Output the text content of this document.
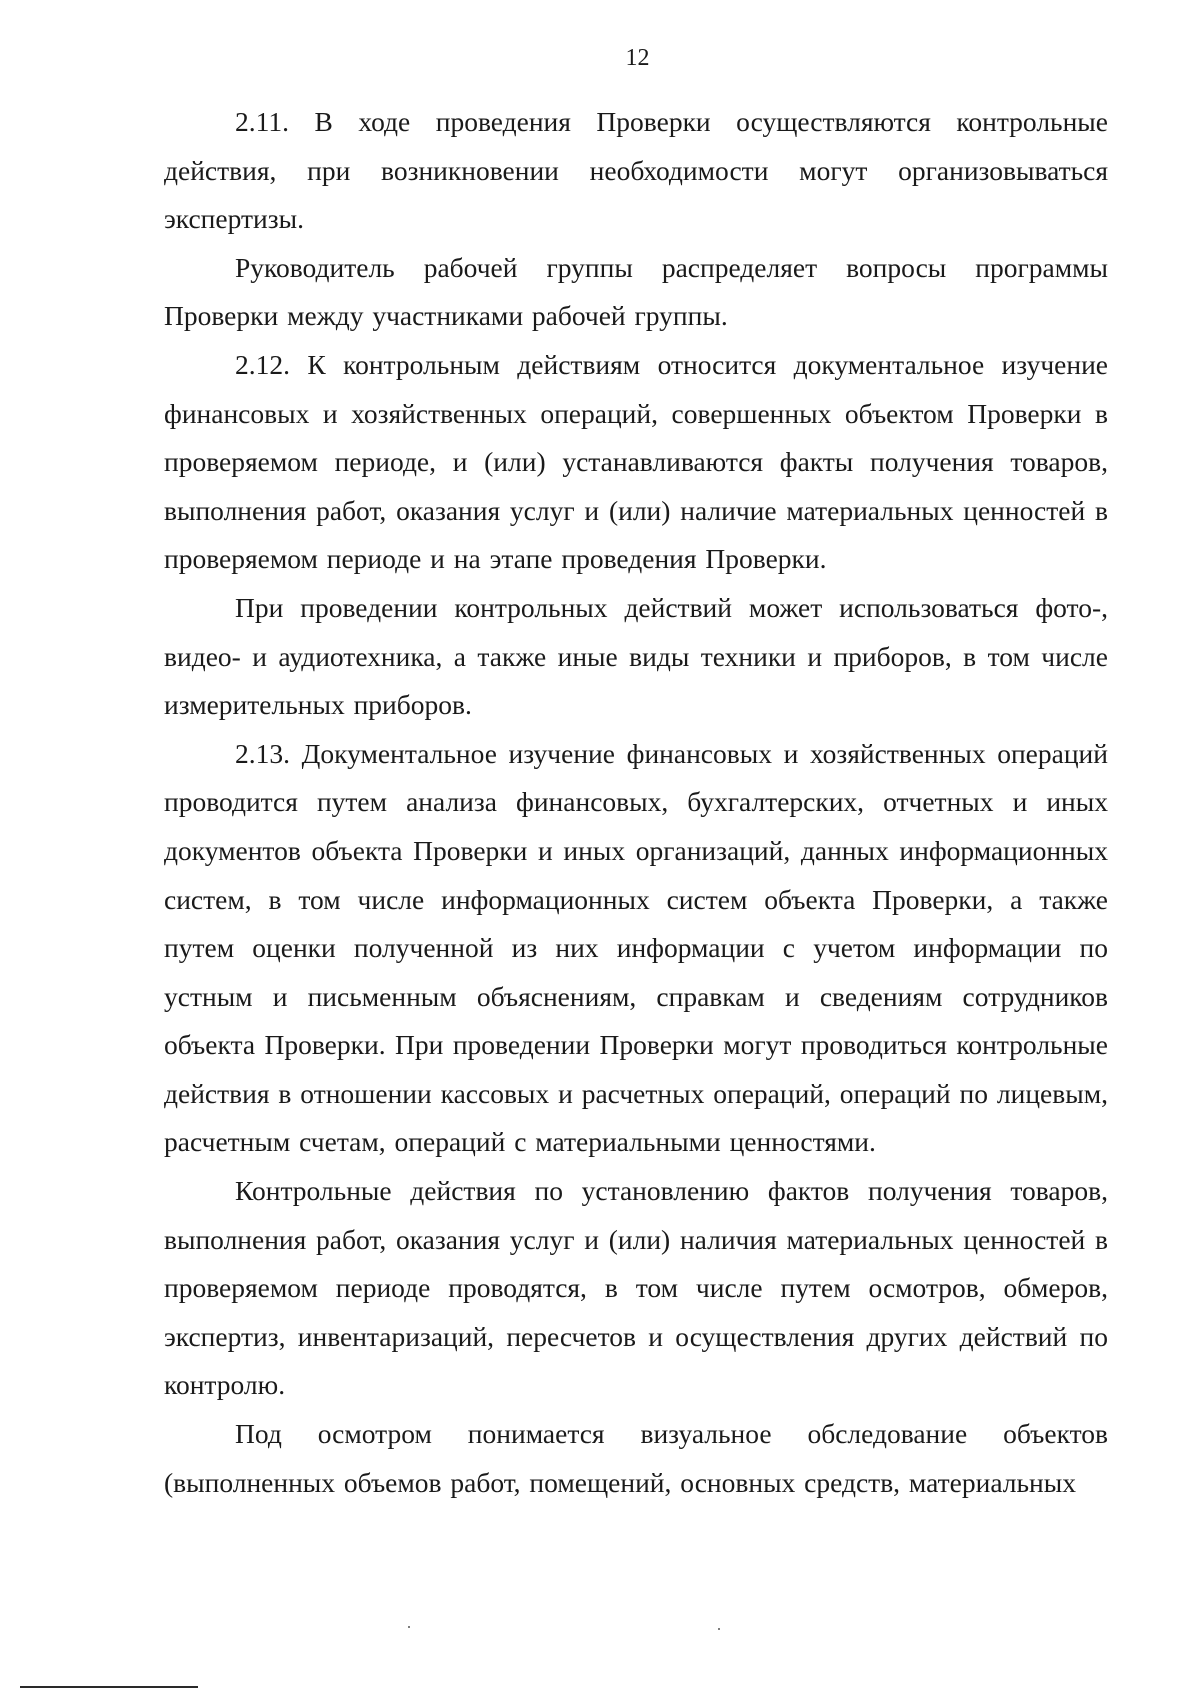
12

2.11. В ходе проведения Проверки осуществляются контрольные действия, при возникновении необходимости могут организовываться экспертизы.

Руководитель рабочей группы распределяет вопросы программы Проверки между участниками рабочей группы.

2.12. К контрольным действиям относится документальное изучение финансовых и хозяйственных операций, совершенных объектом Проверки в проверяемом периоде, и (или) устанавливаются факты получения товаров, выполнения работ, оказания услуг и (или) наличие материальных ценностей в проверяемом периоде и на этапе проведения Проверки.

При проведении контрольных действий может использоваться фото-, видео- и аудиотехника, а также иные виды техники и приборов, в том числе измерительных приборов.

2.13. Документальное изучение финансовых и хозяйственных операций проводится путем анализа финансовых, бухгалтерских, отчетных и иных документов объекта Проверки и иных организаций, данных информационных систем, в том числе информационных систем объекта Проверки, а также путем оценки полученной из них информации с учетом информации по устным и письменным объяснениям, справкам и сведениям сотрудников объекта Проверки. При проведении Проверки могут проводиться контрольные действия в отношении кассовых и расчетных операций, операций по лицевым, расчетным счетам, операций с материальными ценностями.

Контрольные действия по установлению фактов получения товаров, выполнения работ, оказания услуг и (или) наличия материальных ценностей в проверяемом периоде проводятся, в том числе путем осмотров, обмеров, экспертиз, инвентаризаций, пересчетов и осуществления других действий по контролю.

Под осмотром понимается визуальное обследование объектов (выполненных объемов работ, помещений, основных средств, материальных
